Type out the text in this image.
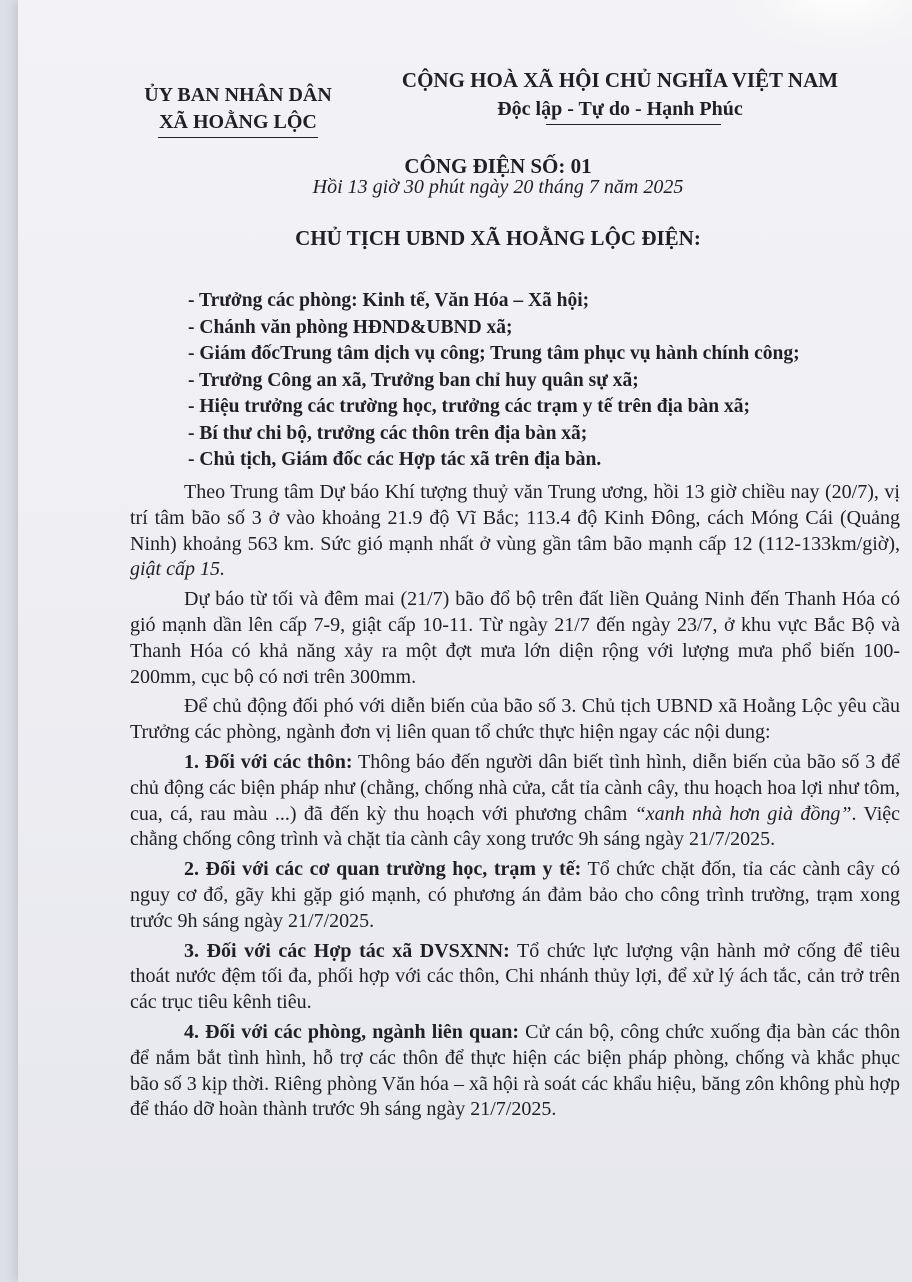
ỦY BAN NHÂN DÂN
XÃ HOẰNG LỘC
CỘNG HOÀ XÃ HỘI CHỦ NGHĨA VIỆT NAM
Độc lập - Tự do - Hạnh Phúc
CÔNG ĐIỆN SỐ: 01
Hồi 13 giờ 30 phút ngày 20 tháng 7 năm 2025
CHỦ TỊCH UBND XÃ HOẰNG LỘC ĐIỆN:
- Trưởng các phòng: Kinh tế, Văn Hóa – Xã hội;
- Chánh văn phòng HĐND&UBND xã;
- Giám đốcTrung tâm dịch vụ công; Trung tâm phục vụ hành chính công;
- Trưởng Công an xã, Trưởng ban chỉ huy quân sự xã;
- Hiệu trưởng các trường học, trưởng các trạm y tế trên địa bàn xã;
- Bí thư chi bộ, trưởng các thôn trên địa bàn xã;
- Chủ tịch, Giám đốc các Hợp tác xã trên địa bàn.

Theo Trung tâm Dự báo Khí tượng thuỷ văn Trung ương, hồi 13 giờ chiều nay (20/7), vị trí tâm bão số 3 ở vào khoảng 21.9 độ Vĩ Bắc; 113.4 độ Kinh Đông, cách Móng Cái (Quảng Ninh) khoảng 563 km. Sức gió mạnh nhất ở vùng gần tâm bão mạnh cấp 12 (112-133km/giờ), giật cấp 15.

Dự báo từ tối và đêm mai (21/7) bão đổ bộ trên đất liền Quảng Ninh đến Thanh Hóa có gió mạnh dần lên cấp 7-9, giật cấp 10-11. Từ ngày 21/7 đến ngày 23/7, ở khu vực Bắc Bộ và Thanh Hóa có khả năng xảy ra một đợt mưa lớn diện rộng với lượng mưa phổ biến 100-200mm, cục bộ có nơi trên 300mm.

Để chủ động đối phó với diễn biến của bão số 3. Chủ tịch UBND xã Hoằng Lộc yêu cầu Trưởng các phòng, ngành đơn vị liên quan tổ chức thực hiện ngay các nội dung:

1. Đối với các thôn: Thông báo đến người dân biết tình hình, diễn biến của bão số 3 để chủ động các biện pháp như (chằng, chống nhà cửa, cắt tỉa cành cây, thu hoạch hoa lợi như tôm, cua, cá, rau màu ...) đã đến kỳ thu hoạch với phương châm “xanh nhà hơn già đồng”. Việc chằng chống công trình và chặt tỉa cành cây xong trước 9h sáng ngày 21/7/2025.

2. Đối với các cơ quan trường học, trạm y tế: Tổ chức chặt đốn, tỉa các cành cây có nguy cơ đổ, gãy khi gặp gió mạnh, có phương án đảm bảo cho công trình trường, trạm xong trước 9h sáng ngày 21/7/2025.

3. Đối với các Hợp tác xã DVSXNN: Tổ chức lực lượng vận hành mở cống để tiêu thoát nước đệm tối đa, phối hợp với các thôn, Chi nhánh thủy lợi, để xử lý ách tắc, cản trở trên các trục tiêu kênh tiêu.

4. Đối với các phòng, ngành liên quan: Cử cán bộ, công chức xuống địa bàn các thôn để nắm bắt tình hình, hỗ trợ các thôn để thực hiện các biện pháp phòng, chống và khắc phục bão số 3 kịp thời. Riêng phòng Văn hóa – xã hội rà soát các khẩu hiệu, băng zôn không phù hợp để tháo dỡ hoàn thành trước 9h sáng ngày 21/7/2025.
